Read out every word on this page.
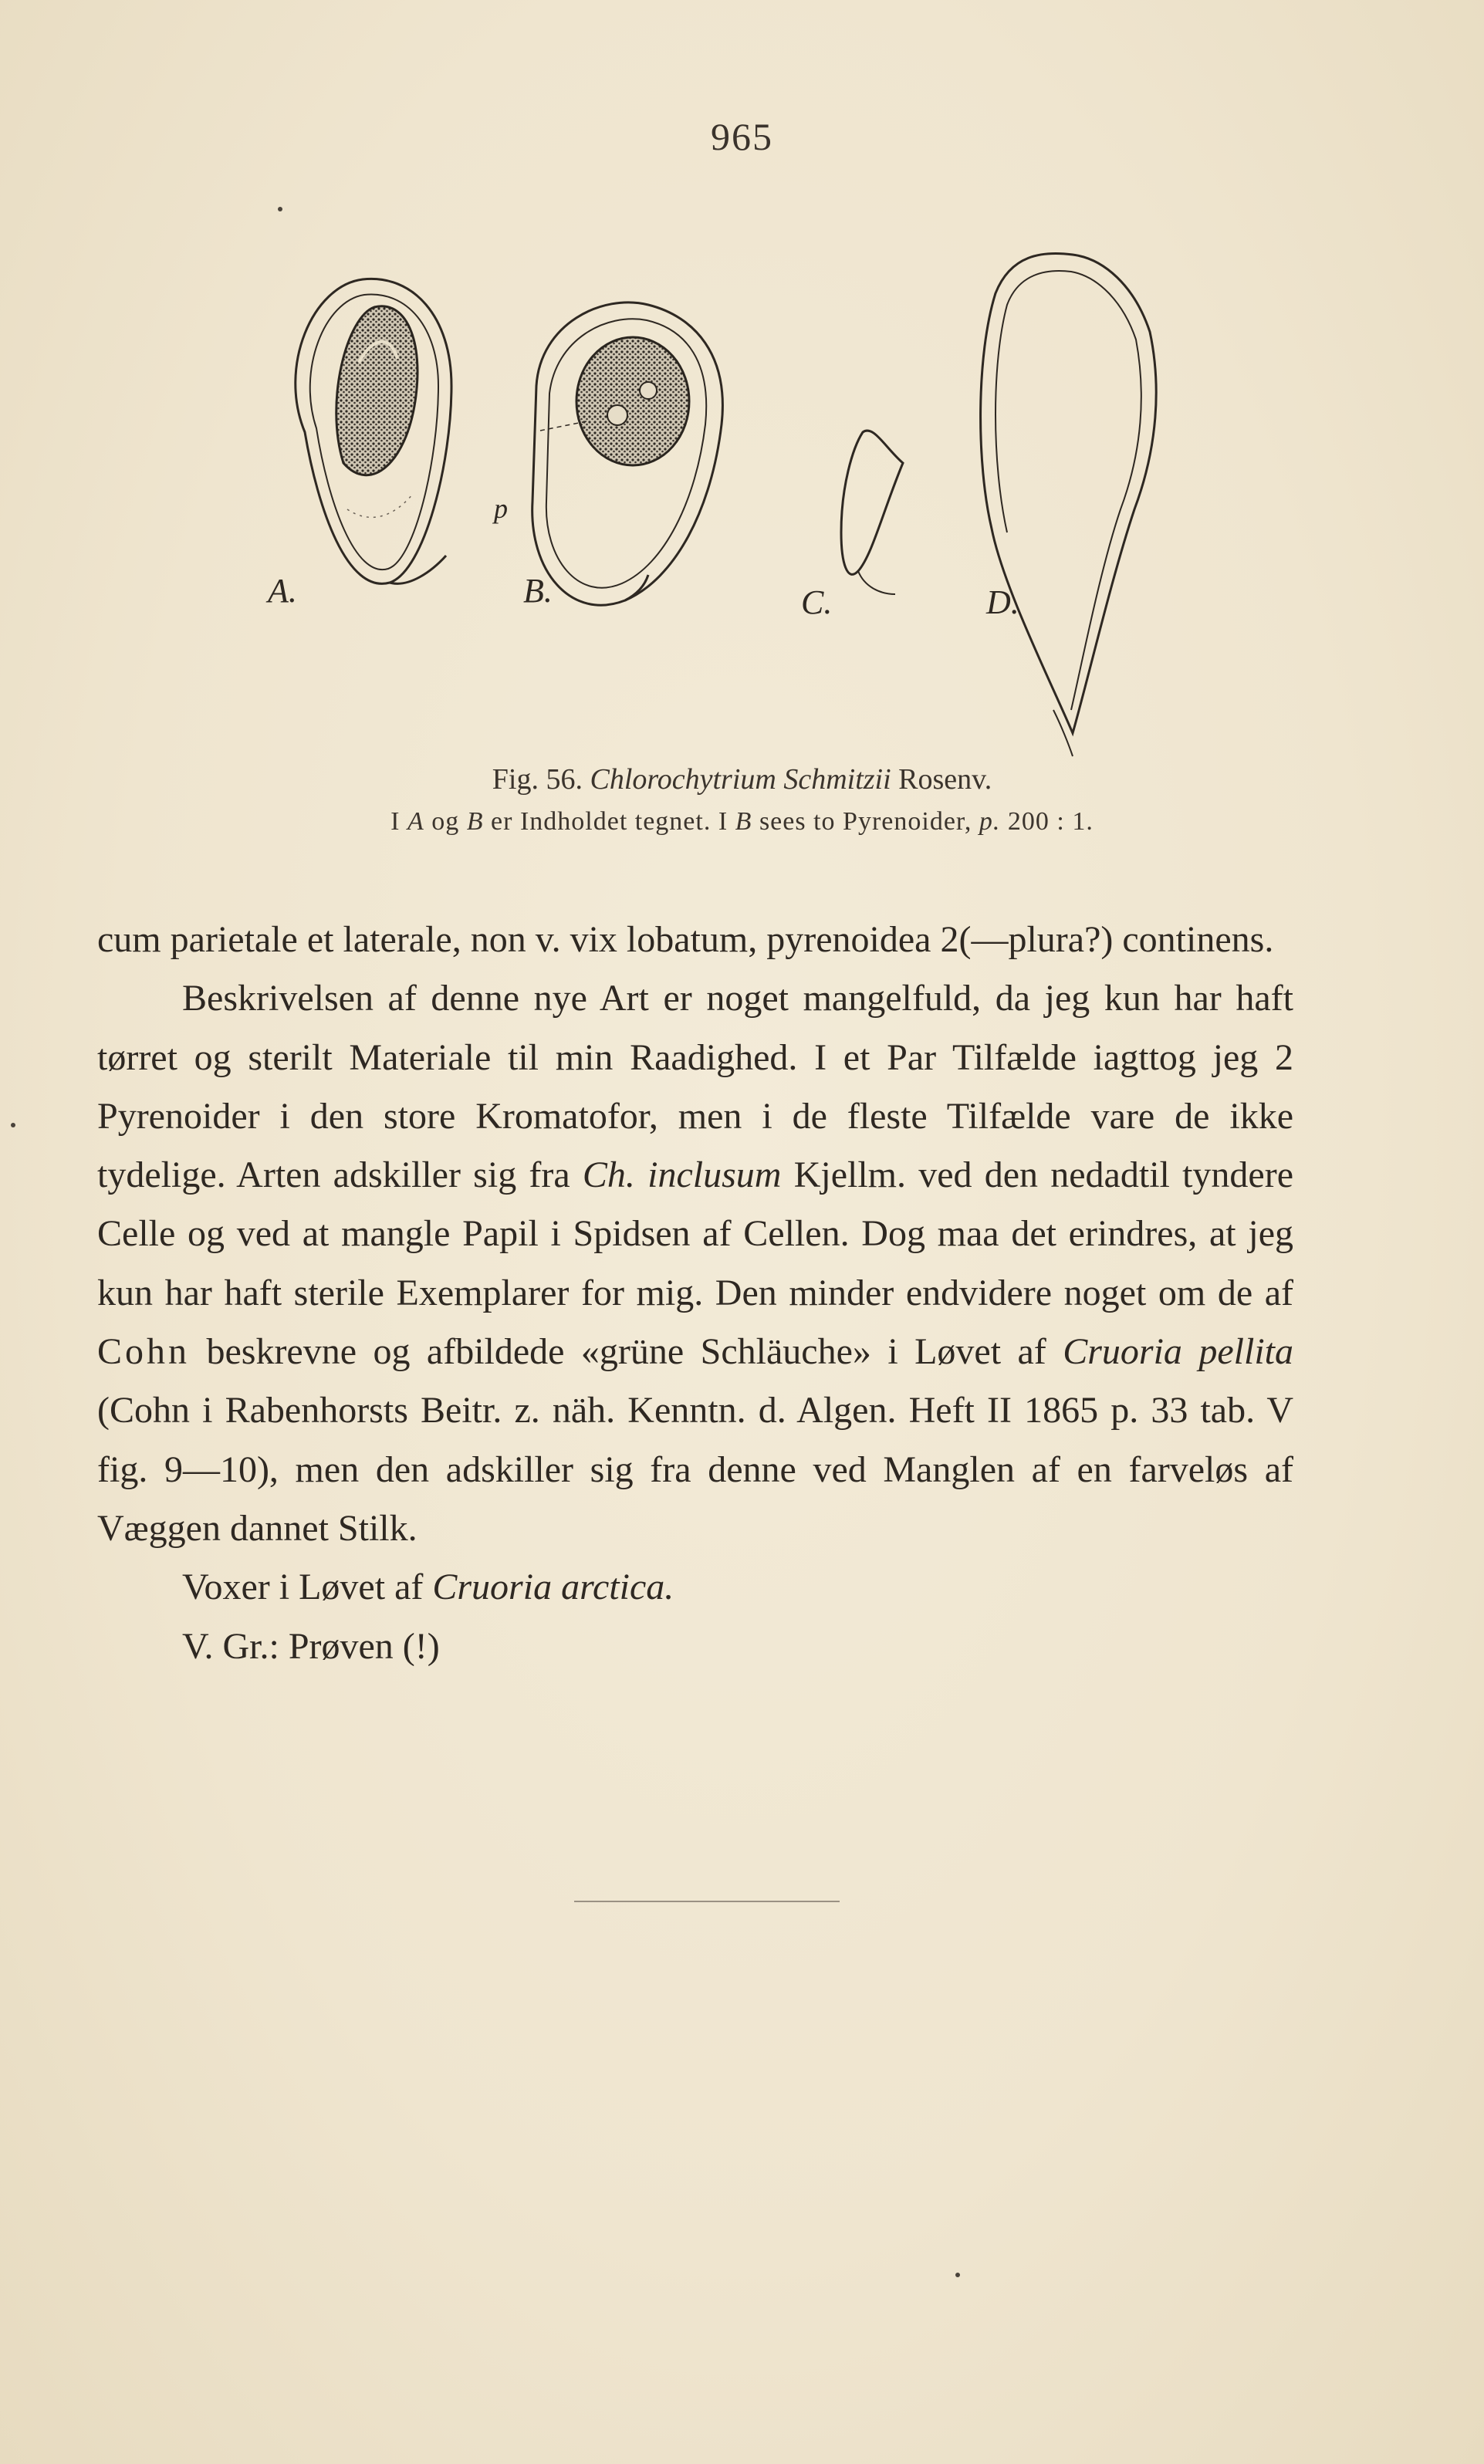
965
A.	B.
p
C.	D.
Fig. 56. Chlorochytrium Schmitzii Rosenv.
I A og B er Indholdet tegnet. I B sees to Pyrenoider, p. 200 : 1.

cum parietale et laterale, non v. vix lobatum, pyrenoidea 2(—plura?) continens.

Beskrivelsen af denne nye Art er noget mangelfuld, da jeg kun har haft tørret og sterilt Materiale til min Raadighed. I et Par Tilfælde iagttog jeg 2 Pyrenoider i den store Kromatofor, men i de fleste Tilfælde vare de ikke tydelige. Arten adskiller sig fra Ch. inclusum Kjellm. ved den nedadtil tyndere Celle og ved at mangle Papil i Spidsen af Cellen. Dog maa det erindres, at jeg kun har haft sterile Exemplarer for mig. Den minder endvidere noget om de af Cohn beskrevne og afbildede «grüne Schläuche» i Løvet af Cruoria pellita (Cohn i Rabenhorsts Beitr. z. näh. Kenntn. d. Algen. Heft II 1865 p. 33 tab. V fig. 9—10), men den adskiller sig fra denne ved Manglen af en farveløs af Væggen dannet Stilk.

Voxer i Løvet af Cruoria arctica.

V. Gr.: Prøven (!)
